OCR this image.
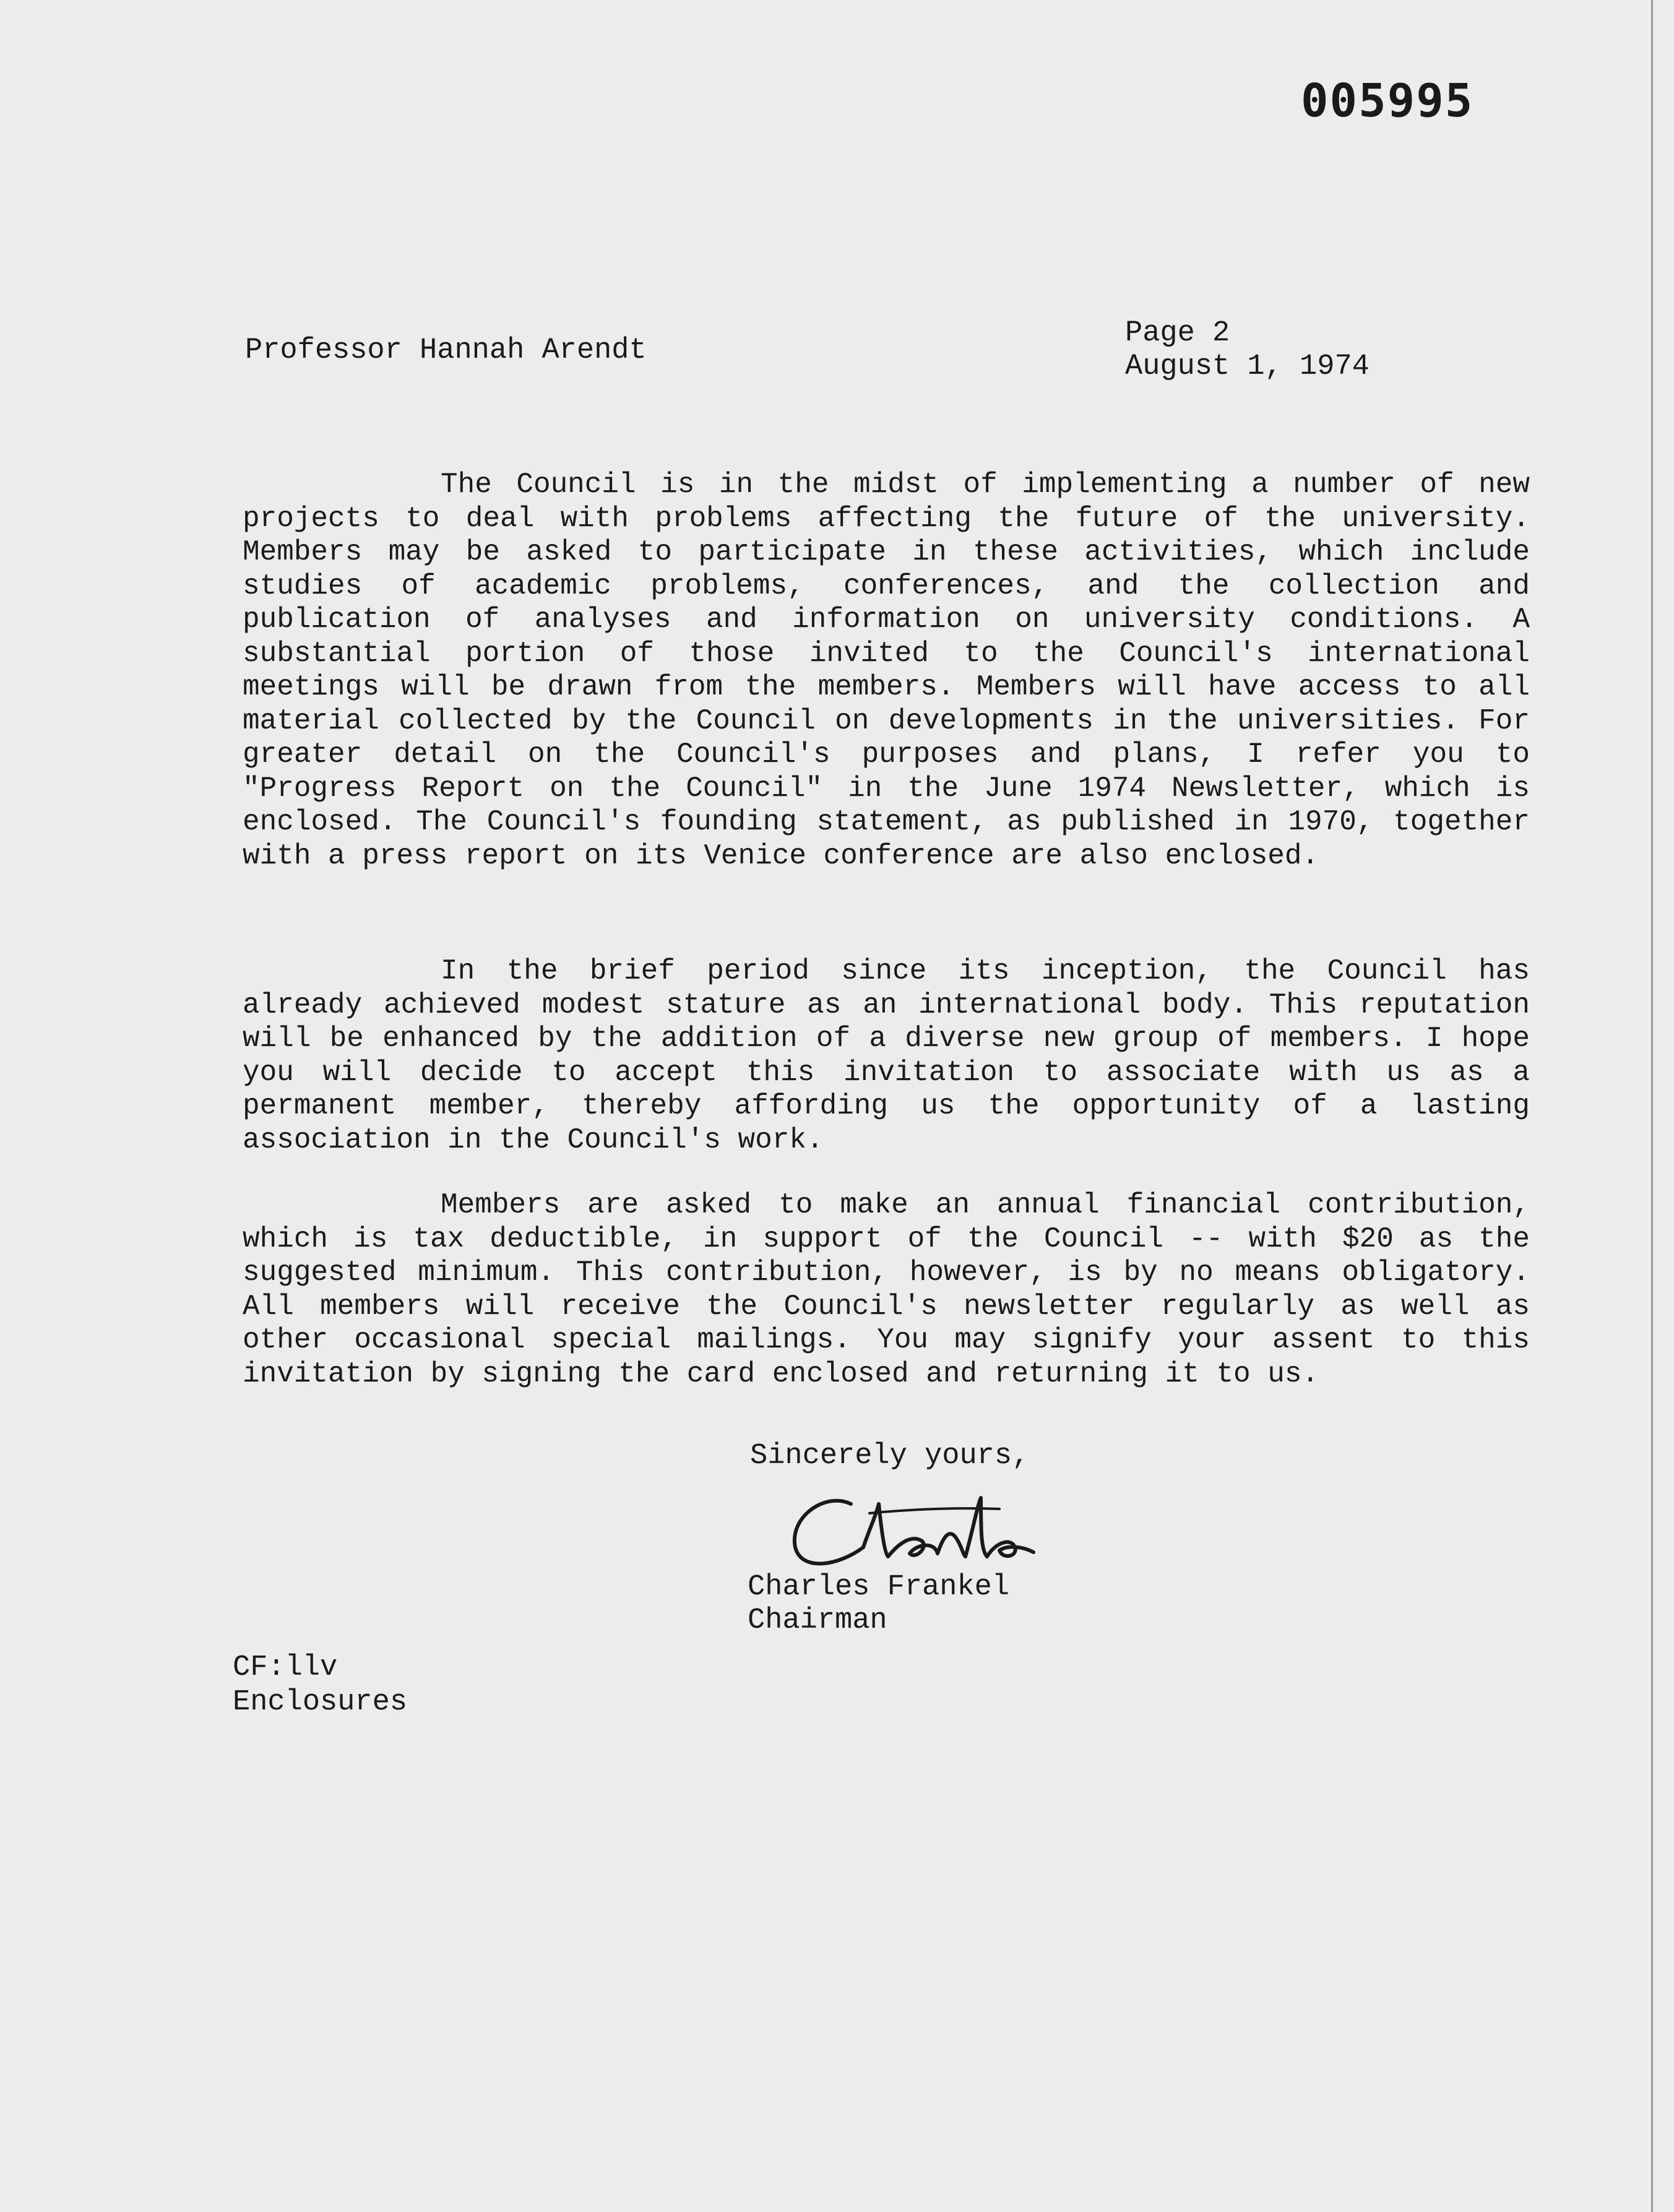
005995
Professor Hannah Arendt
Page 2
August 1, 1974
The Council is in the midst of implementing a number of new projects to deal with problems affecting the future of the university. Members may be asked to participate in these activities, which include studies of academic problems, conferences, and the collection and publication of analyses and information on university conditions. A substantial portion of those invited to the Council's international meetings will be drawn from the members. Members will have access to all material collected by the Council on developments in the universities. For greater detail on the Council's purposes and plans, I refer you to "Progress Report on the Council" in the June 1974 Newsletter, which is enclosed. The Council's founding statement, as published in 1970, together with a press report on its Venice conference are also enclosed.
In the brief period since its inception, the Council has already achieved modest stature as an international body. This reputation will be enhanced by the addition of a diverse new group of members. I hope you will decide to accept this invitation to associate with us as a permanent member, thereby affording us the opportunity of a lasting association in the Council's work.
Members are asked to make an annual financial contribution, which is tax deductible, in support of the Council -- with $20 as the suggested minimum. This contribution, however, is by no means obligatory. All members will receive the Council's newsletter regularly as well as other occasional special mailings. You may signify your assent to this invitation by signing the card enclosed and returning it to us.
Sincerely yours,
Charles Frankel
Chairman
CF:llv
Enclosures
